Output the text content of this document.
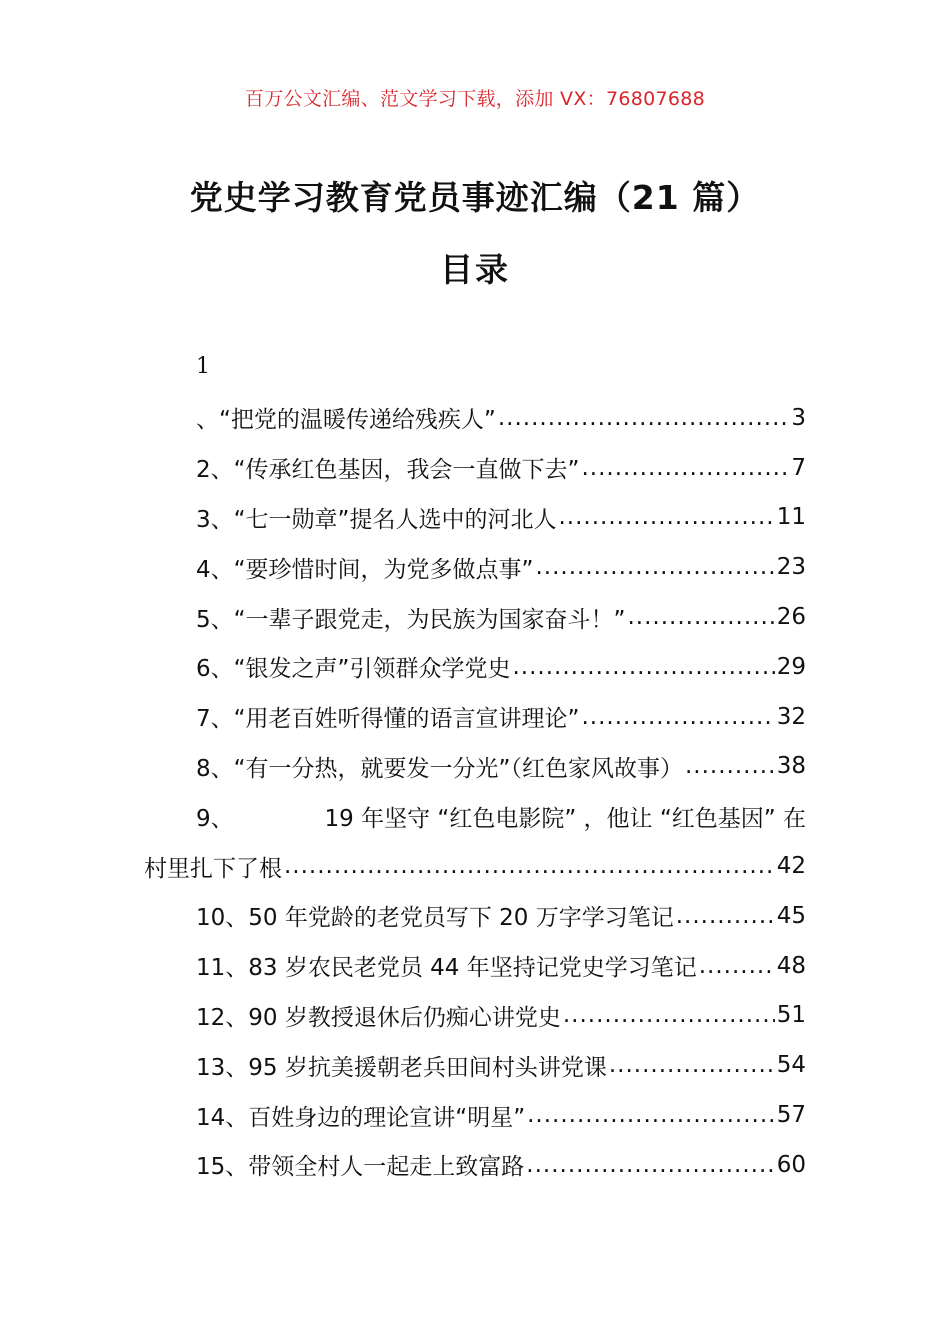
百万公文汇编、范文学习下载，添加 VX：76807688
党史学习教育党员事迹汇编（21 篇）
目录
1
、 “把党的温暖传递给残疾人” .....	3
2、 “传承红色基因，我会一直做下去” .....	7
3、 “七一勋章”提名人选中的河北人 .....	11
4、 “要珍惜时间，为党多做点事” .....	23
5、 “一辈子跟党走，为民族为国家奋斗！” .....	26
6、 “银发之声”引领群众学党史 .....	29
7、 “用老百姓听得懂的语言宣讲理论” .....	32
8、 “有一分热，就要发一分光”（红色家风故事） .....	38
9、	19 年坚守 “红色电影院” ，他让 “红色基因” 在
村里扎下了根 .....	42
10、 50 年党龄的老党员写下 20 万字学习笔记 .....	45
11、 83 岁农民老党员 44 年坚持记党史学习笔记 .....	48
12、 90 岁教授退休后仍痴心讲党史 .....	51
13、 95 岁抗美援朝老兵田间村头讲党课 .....	54
14、 百姓身边的理论宣讲“明星” .....	57
15、 带领全村人一起走上致富路 .....	60
